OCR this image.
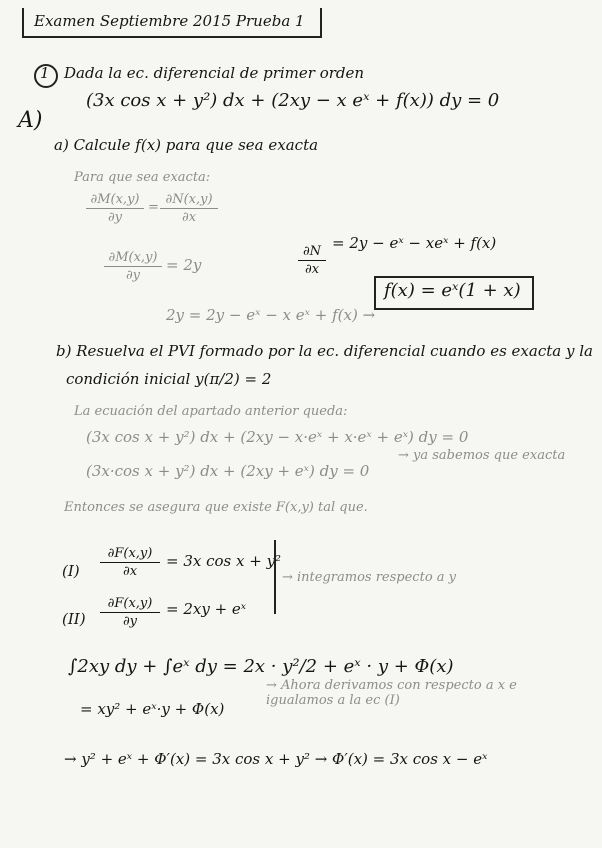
Examen Septiembre 2015 Prueba 1
1 Dada la ec. diferencial de primer orden
A)
(3x cos x + y²) dx + (2xy − x eˣ + f(x)) dy = 0
a) Calcule f(x) para que sea exacta
Para que sea exacta:
∂M(x,y)
∂y
=
∂N(x,y)
∂x
∂M(x,y)
∂y
= 2y
∂N
∂x
= 2y − eˣ − xeˣ + f(x)
2y = 2y − eˣ − x eˣ + f(x) →
f(x) = eˣ(1 + x)
b) Resuelva el PVI formado por la ec. diferencial cuando es exacta y la
condición inicial y(π/2) = 2
La ecuación del apartado anterior queda:
(3x cos x + y²) dx + (2xy − x·eˣ + x·eˣ + eˣ) dy = 0
(3x·cos x + y²) dx + (2xy + eˣ) dy = 0
→ ya sabemos que exacta
Entonces se asegura que existe F(x,y) tal que.
(I)
∂F(x,y)
∂x
= 3x cos x + y²
(II)
∂F(x,y)
∂y
= 2xy + eˣ
→ integramos respecto a y
∫2xy dy + ∫eˣ dy = 2x · y²/2 + eˣ · y + Φ(x)
= xy² + eˣ·y + Φ(x)
→ Ahora derivamos con respecto a x e igualamos a la ec (I)
→ y² + eˣ + Φ′(x) = 3x cos x + y² → Φ′(x) = 3x cos x − eˣ
